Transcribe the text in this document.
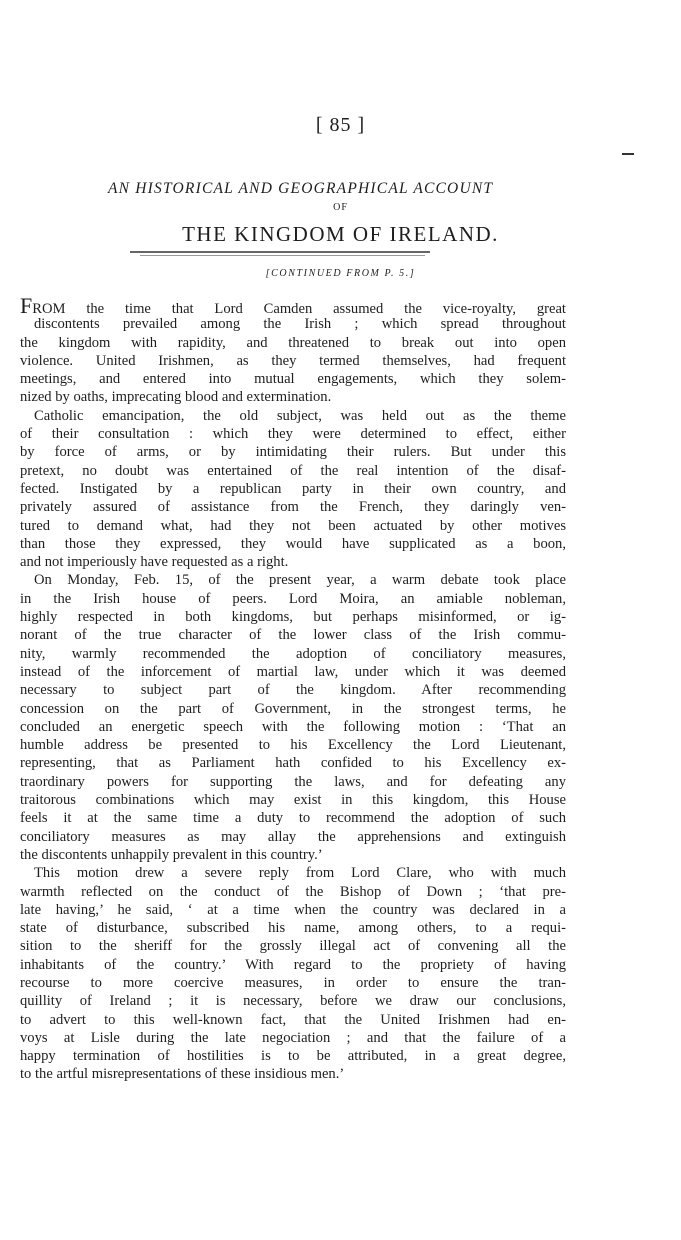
[ 85 ]
AN HISTORICAL AND GEOGRAPHICAL ACCOUNT
OF
THE KINGDOM OF IRELAND.
[CONTINUED FROM P. 5.]
FROM the time that Lord Camden assumed the vice-royalty, great
discontents prevailed among the Irish ; which spread throughout
the kingdom with rapidity, and threatened to break out into open
violence. United Irishmen, as they termed themselves, had frequent
meetings, and entered into mutual engagements, which they solem-
nized by oaths, imprecating blood and extermination.
Catholic emancipation, the old subject, was held out as the theme
of their consultation : which they were determined to effect, either
by force of arms, or by intimidating their rulers. But under this
pretext, no doubt was entertained of the real intention of the disaf-
fected. Instigated by a republican party in their own country, and
privately assured of assistance from the French, they daringly ven-
tured to demand what, had they not been actuated by other motives
than those they expressed, they would have supplicated as a boon,
and not imperiously have requested as a right.
On Monday, Feb. 15, of the present year, a warm debate took place
in the Irish house of peers. Lord Moira, an amiable nobleman,
highly respected in both kingdoms, but perhaps misinformed, or ig-
norant of the true character of the lower class of the Irish commu-
nity, warmly recommended the adoption of conciliatory measures,
instead of the inforcement of martial law, under which it was deemed
necessary to subject part of the kingdom. After recommending
concession on the part of Government, in the strongest terms, he
concluded an energetic speech with the following motion : ‘That an
humble address be presented to his Excellency the Lord Lieutenant,
representing, that as Parliament hath confided to his Excellency ex-
traordinary powers for supporting the laws, and for defeating any
traitorous combinations which may exist in this kingdom, this House
feels it at the same time a duty to recommend the adoption of such
conciliatory measures as may allay the apprehensions and extinguish
the discontents unhappily prevalent in this country.’
This motion drew a severe reply from Lord Clare, who with much
warmth reflected on the conduct of the Bishop of Down ; ‘that pre-
late having,’ he said, ‘ at a time when the country was declared in a
state of disturbance, subscribed his name, among others, to a requi-
sition to the sheriff for the grossly illegal act of convening all the
inhabitants of the country.’ With regard to the propriety of having
recourse to more coercive measures, in order to ensure the tran-
quillity of Ireland ; it is necessary, before we draw our conclusions,
to advert to this well-known fact, that the United Irishmen had en-
voys at Lisle during the late negociation ; and that the failure of a
happy termination of hostilities is to be attributed, in a great degree,
to the artful misrepresentations of these insidious men.’
